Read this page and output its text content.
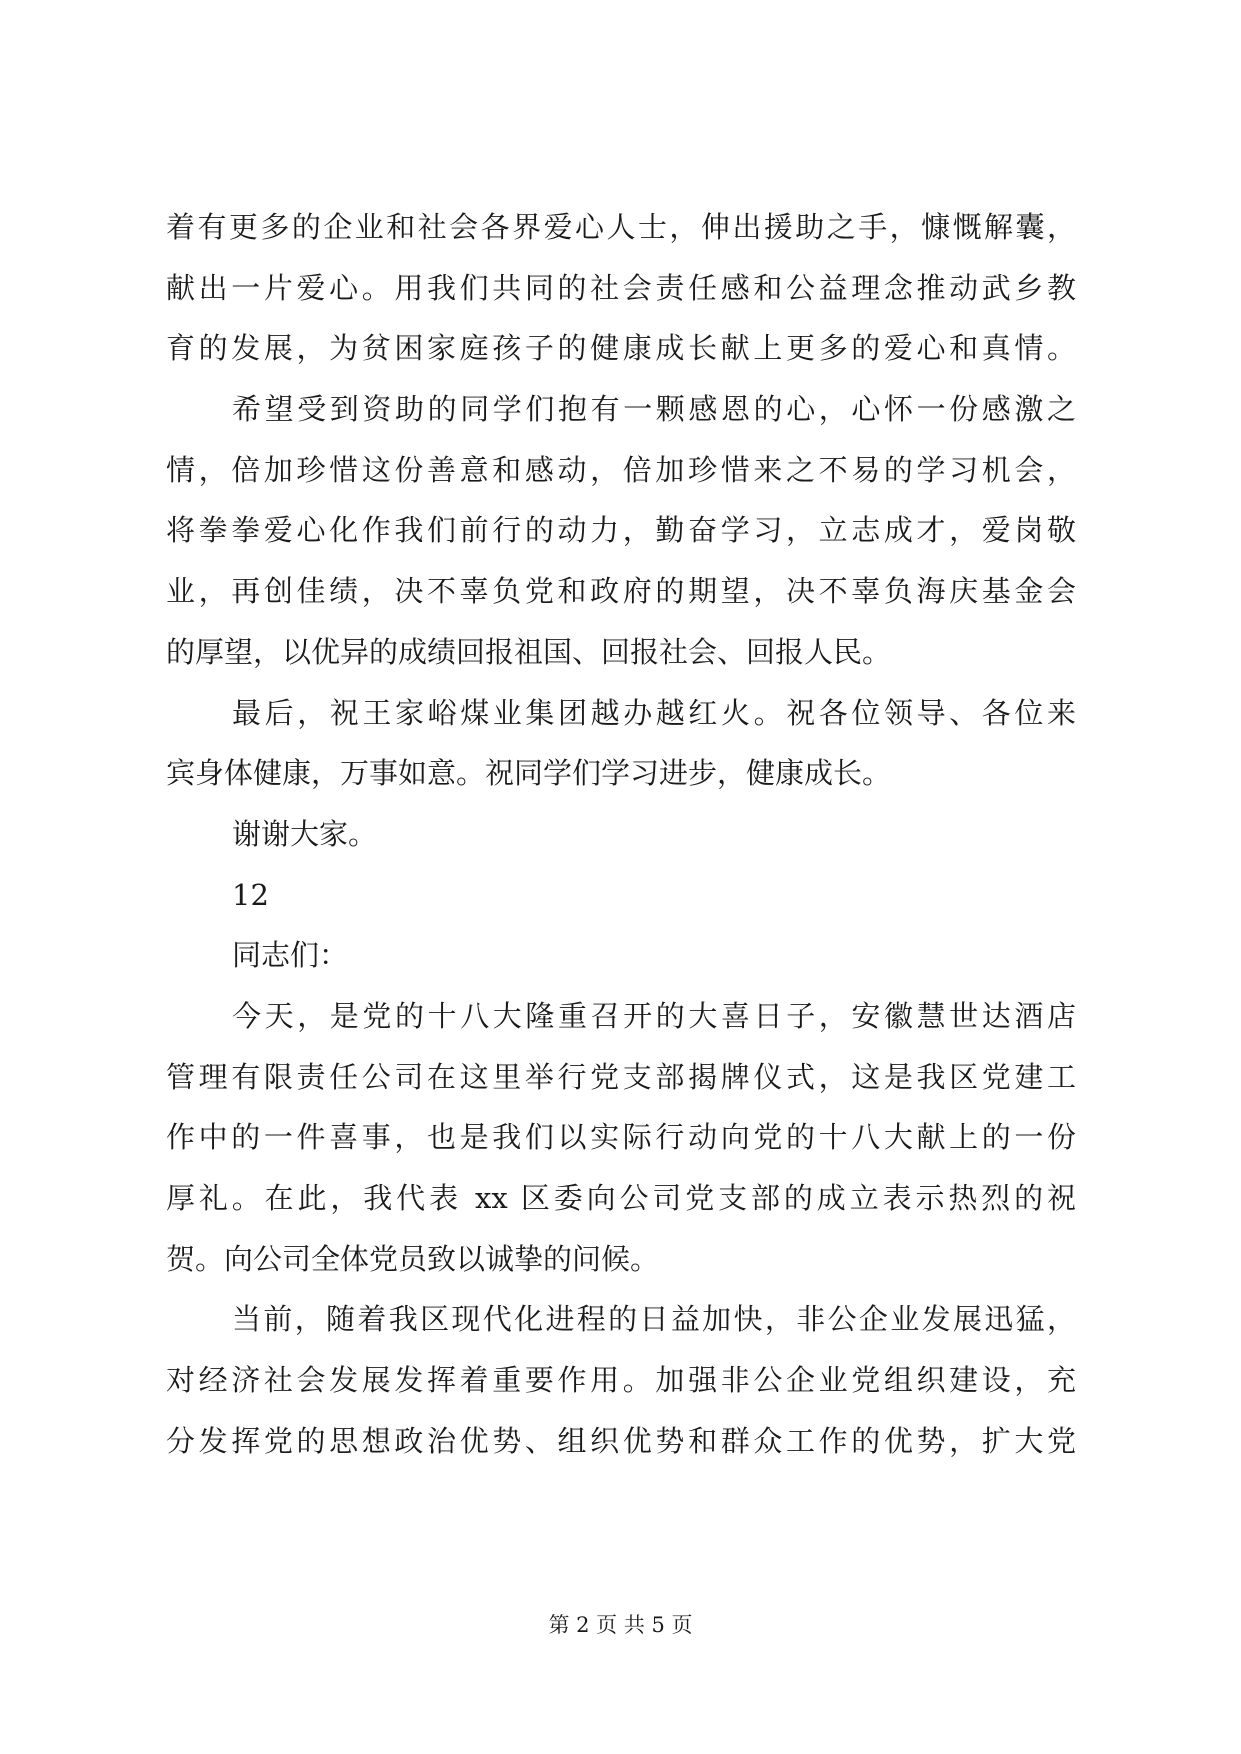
着有更多的企业和社会各界爱心人士，伸出援助之手，慷慨解囊，
献出一片爱心。用我们共同的社会责任感和公益理念推动武乡教
育的发展，为贫困家庭孩子的健康成长献上更多的爱心和真情。
希望受到资助的同学们抱有一颗感恩的心，心怀一份感激之
情，倍加珍惜这份善意和感动，倍加珍惜来之不易的学习机会，
将拳拳爱心化作我们前行的动力，勤奋学习，立志成才，爱岗敬
业，再创佳绩，决不辜负党和政府的期望，决不辜负海庆基金会
的厚望，以优异的成绩回报祖国、回报社会、回报人民。
最后，祝王家峪煤业集团越办越红火。祝各位领导、各位来
宾身体健康，万事如意。祝同学们学习进步，健康成长。
谢谢大家。
12
同志们：
今天，是党的十八大隆重召开的大喜日子，安徽慧世达酒店
管理有限责任公司在这里举行党支部揭牌仪式，这是我区党建工
作中的一件喜事，也是我们以实际行动向党的十八大献上的一份
厚礼。在此，我代表 xx 区委向公司党支部的成立表示热烈的祝
贺。向公司全体党员致以诚挚的问候。
当前，随着我区现代化进程的日益加快，非公企业发展迅猛，
对经济社会发展发挥着重要作用。加强非公企业党组织建设，充
分发挥党的思想政治优势、组织优势和群众工作的优势，扩大党
第 2 页 共 5 页
